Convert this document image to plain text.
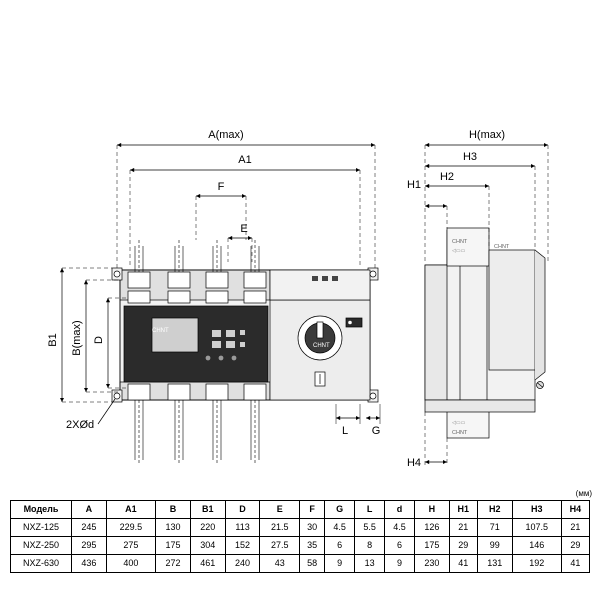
CHNT
CHNT
CHNT
◁▭▭
◁▭▭
CHNT
CHNT
A(max)
A1
F
E
B1 B(max) D
2XØd	L G
H(max)
H3
H2
H1
H4
(мм)
Модель	A	A1	B	B1	D	E	F	G	L	d	H	H1	H2	H3	H4
NXZ-125	245	229.5	130	220	113	21.5	30	4.5	5.5	4.5	126	21	71	107.5	21
NXZ-250	295	275	175	304	152	27.5	35	6	8	6	175	29	99	146	29
NXZ-630	436	400	272	461	240	43	58	9	13	9	230	41	131	192	41
